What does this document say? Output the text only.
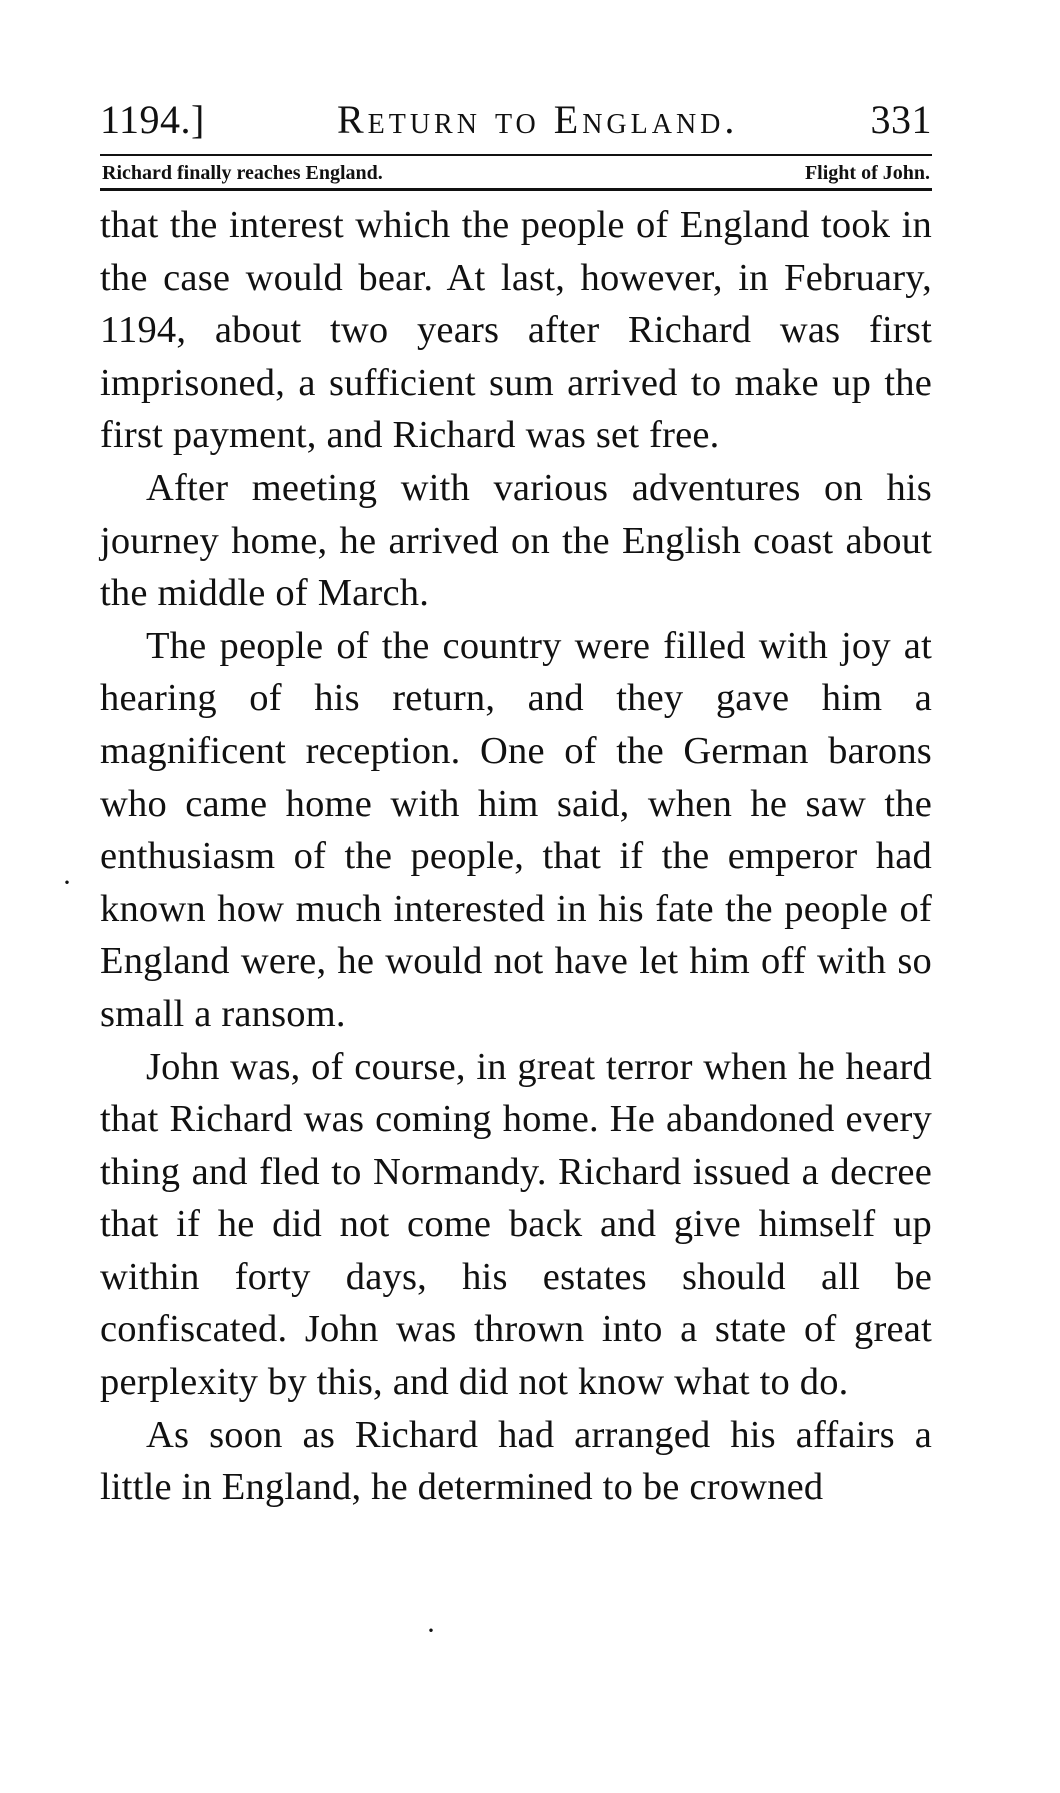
1194.]	Return to England.	331
Richard finally reaches England.	Flight of John.

that the interest which the people of England took in the case would bear. At last, however, in February, 1194, about two years after Richard was first imprisoned, a sufficient sum arrived to make up the first payment, and Richard was set free.

After meeting with various adventures on his journey home, he arrived on the English coast about the middle of March.

The people of the country were filled with joy at hearing of his return, and they gave him a magnificent reception. One of the German barons who came home with him said, when he saw the enthusiasm of the people, that if the emperor had known how much interested in his fate the people of England were, he would not have let him off with so small a ransom.

John was, of course, in great terror when he heard that Richard was coming home. He abandoned every thing and fled to Normandy. Richard issued a decree that if he did not come back and give himself up within forty days, his estates should all be confiscated. John was thrown into a state of great perplexity by this, and did not know what to do.

As soon as Richard had arranged his affairs a little in England, he determined to be crowned

·
·
